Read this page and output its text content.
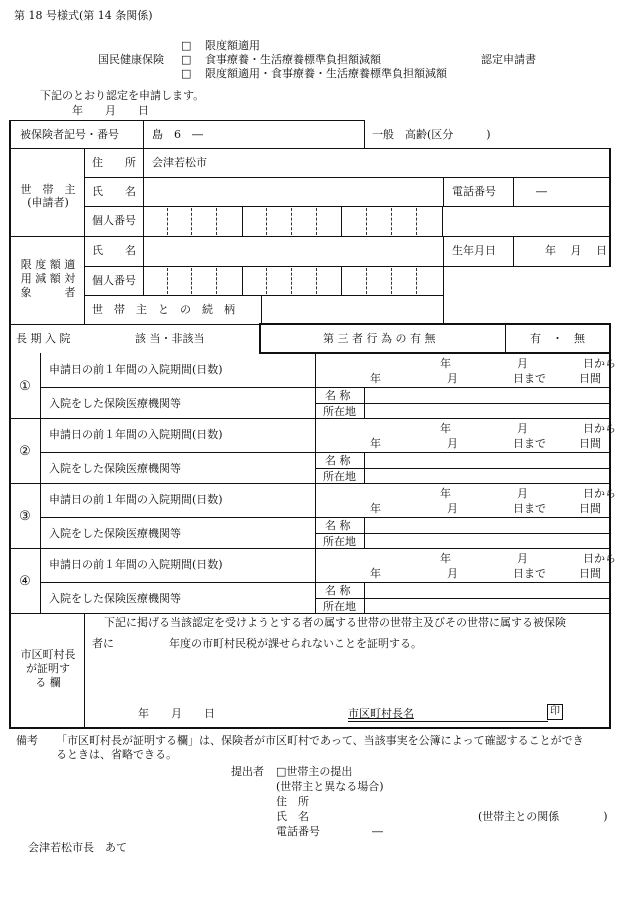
第 18 号様式(第 14 条関係)
□ 限度額適用
国民健康保険 □ 食事療養・生活療養標準負担額減額	認定申請書
□ 限度額適用・食事療養・生活療養標準負担額減額
下記のとおり認定を申請します。
年　　月　　日
被保険者記号・番号	島　6　―	一般　高齢(区分　　　)
世　帯　主
(申請者)
住　　所 会津若松市
氏　　名	電話番号	―
個人番号
限 度 額 適
用 減 額 対
象　　　者
氏　　名	生年月日	年　 月　 日
個人番号
世　帯　主　と　の　続　柄
長 期 入 院	該 当・非該当	第 三 者 行 為 の 有 無	有　・　無
①
申請日の前１年間の入院期間(日数)	年　　　　　　月　　　　　日から
年　　　　　　月　　　　　日まで　　　日間
入院をした保険医療機関等
名 称
所在地
②
申請日の前１年間の入院期間(日数)	年　　　　　　月　　　　　日から
年　　　　　　月　　　　　日まで　　　日間
入院をした保険医療機関等
名 称
所在地
③
申請日の前１年間の入院期間(日数)	年　　　　　　月　　　　　日から
年　　　　　　月　　　　　日まで　　　日間
入院をした保険医療機関等
名 称
所在地
④
申請日の前１年間の入院期間(日数)	年　　　　　　月　　　　　日から
年　　　　　　月　　　　　日まで　　　日間
入院をした保険医療機関等
名 称
所在地
市区町村長
が証明す
る 欄
下記に掲げる当該認定を受けようとする者の属する世帯の世帯主及びその世帯に属する被保険
者に　　　　　年度の市町村民税が課せられないことを証明する。
年　　月　　日	市区町村長名	印
備考 「市区町村長が証明する欄」は、保険者が市区町村であって、当該事実を公簿によって確認することができ
るときは、省略できる。
提出者 □世帯主の提出
(世帯主と異なる場合)
住　所
氏　名	(世帯主との関係　　　　)
電話番号	―
会津若松市長　あて
